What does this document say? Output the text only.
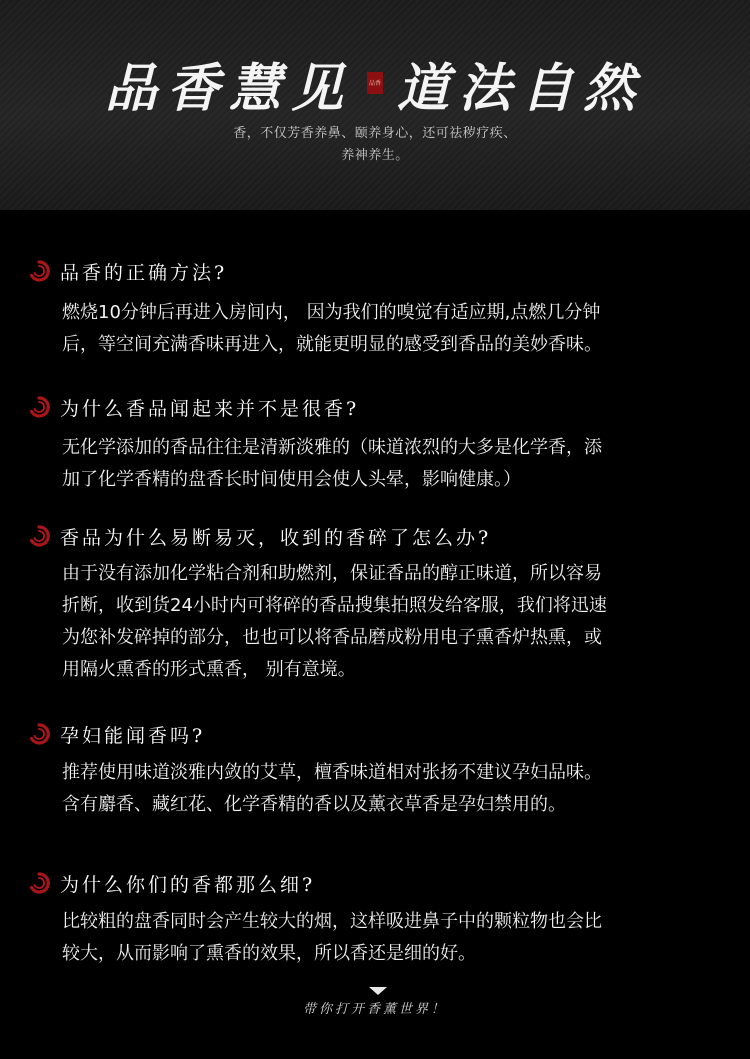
品香慧见	品香 道法自然
香，不仅芳香养鼻、颐养身心，还可祛秽疗疾、
养神养生。
品香的正确方法?
燃烧10分钟后再进入房间内， 因为我们的嗅觉有适应期,点燃几分钟
后，等空间充满香味再进入，就能更明显的感受到香品的美妙香味。
为什么香品闻起来并不是很香?
无化学添加的香品往往是清新淡雅的（味道浓烈的大多是化学香，添
加了化学香精的盘香长时间使用会使人头晕，影响健康。）
香品为什么易断易灭，收到的香碎了怎么办?
由于没有添加化学粘合剂和助燃剂，保证香品的醇正味道，所以容易
折断，收到货24小时内可将碎的香品搜集拍照发给客服，我们将迅速
为您补发碎掉的部分，也也可以将香品磨成粉用电子熏香炉热熏，或
用隔火熏香的形式熏香， 别有意境。
孕妇能闻香吗?
推荐使用味道淡雅内敛的艾草，檀香味道相对张扬不建议孕妇品味。
含有麝香、藏红花、化学香精的香以及薰衣草香是孕妇禁用的。
为什么你们的香都那么细?
比较粗的盘香同时会产生较大的烟，这样吸进鼻子中的颗粒物也会比
较大，从而影响了熏香的效果，所以香还是细的好。
带你打开香薰世界！
